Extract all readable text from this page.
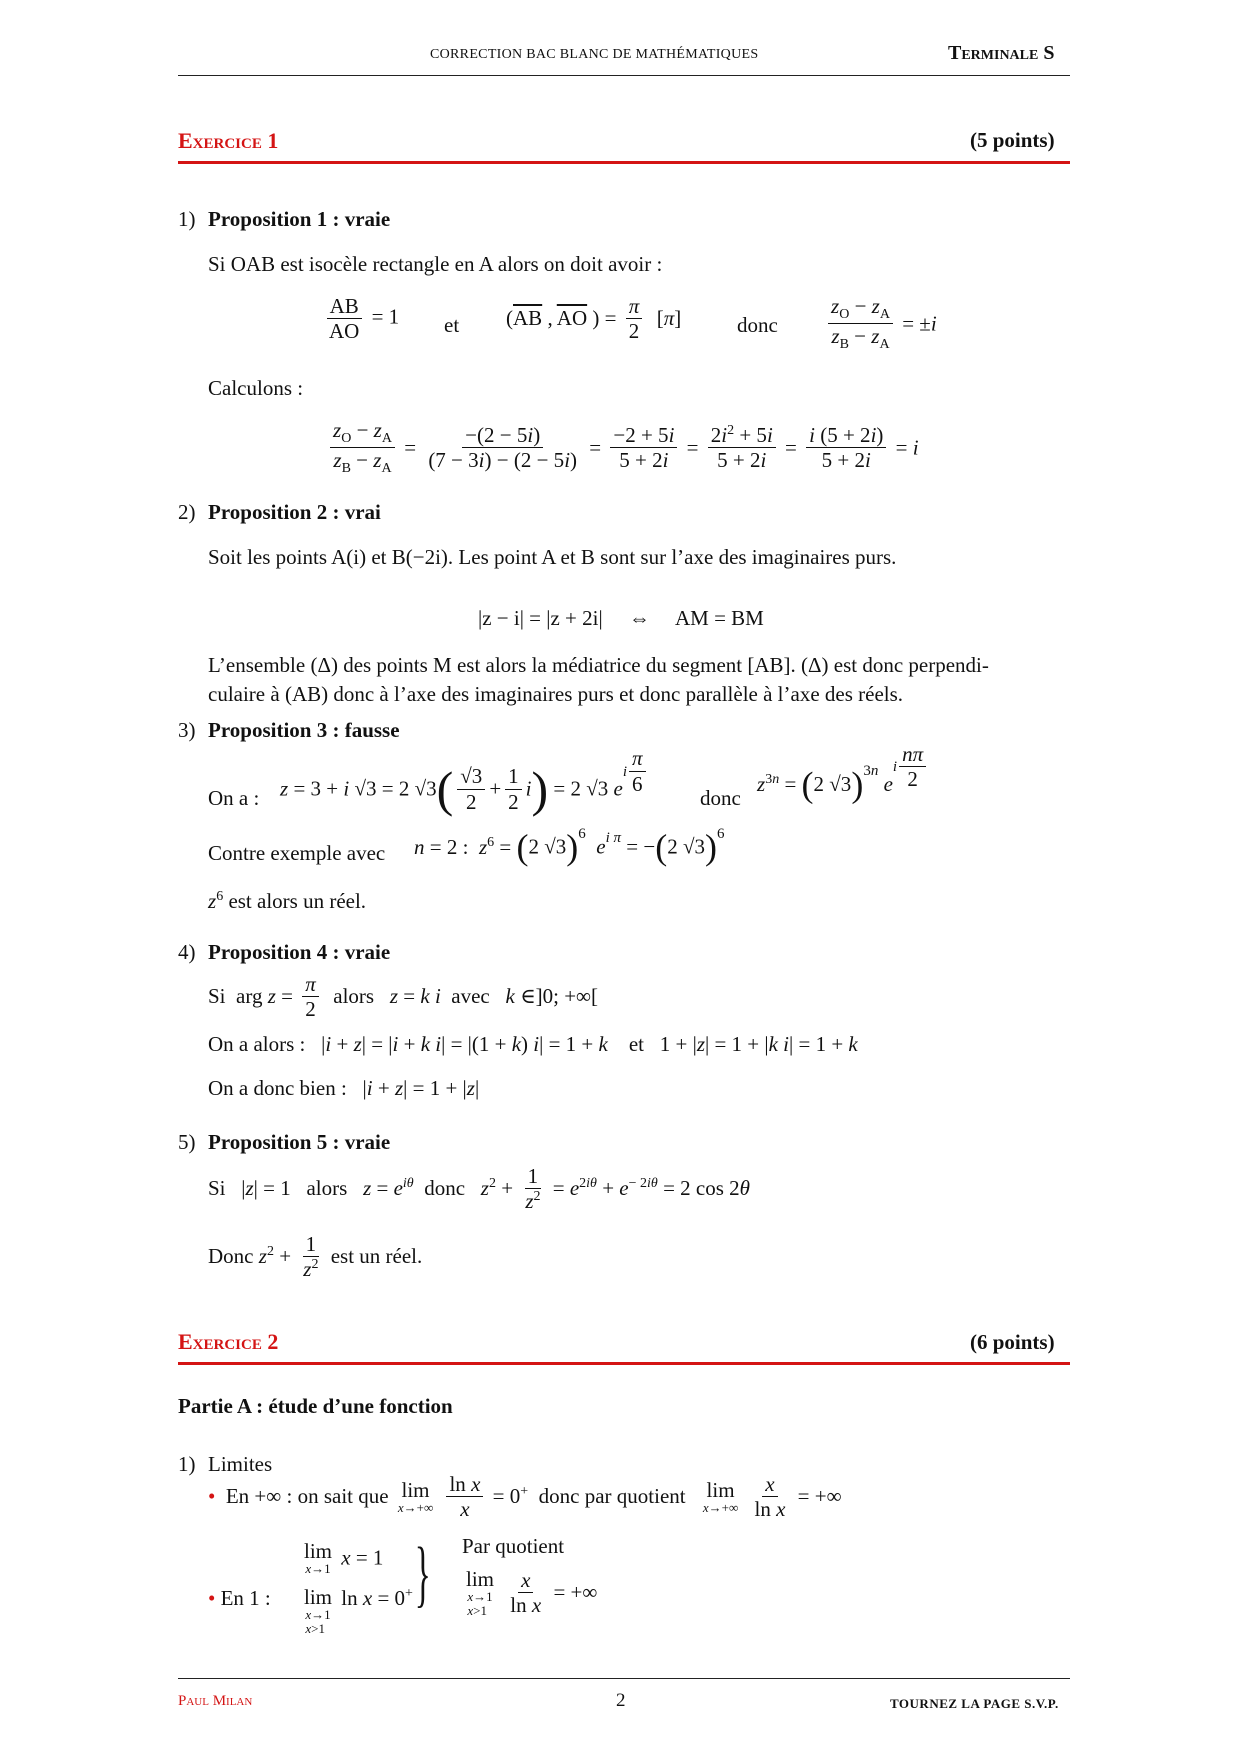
CORRECTION BAC BLANC DE MATHÉMATIQUES	Terminale S
Exercice 1	(5 points)
1) Proposition 1 : vraie
Si OAB est isocèle rectangle en A alors on doit avoir :
$\frac{AB}{AO} = 1$ et ($\overline{AB}$ , $\overline{AO}$ ) = $\frac{\pi}{2} [\pi]$	donc $\frac{z_O - z_A}{z_B - z_A} = \pm i$
Calculons :
$\frac{z_O - z_A}{z_B - z_A} = \frac{-(2 - 5i)}{(7 - 3i) - (2 - 5i)} = \frac{-2 + 5i}{5 + 2i} = \frac{2i^2 + 5i}{5 + 2i} = \frac{i (5 + 2i)}{5 + 2i} = i$
2) Proposition 2 : vrai
Soit les points A(i) et B(−2i). Les point A et B sont sur l’axe des imaginaires purs.
|z − i| = |z + 2i|     ⇔     AM = BM
L’ensemble (Δ) des points M est alors la médiatrice du segment [AB]. (Δ) est donc perpendi-
culaire à (AB) donc à l’axe des imaginaires purs et donc parallèle à l’axe des réels.
3) Proposition 3 : fausse
On a : z = 3 + i √3 = 2 $√3( \frac{√3}{2} + \frac{1}{2} i) = 2$ √3 $e^i \frac{\pi}{6}$
donc
$z^{3n} = (2$ √3)$^{3n}$ $e^i \frac{n\pi}{2}$
Contre exemple avec n = 2 :  $z^6 = (2$ √3)$^6$  $e^{i \pi} = -(2$ √3)$^6$
$z^6$ est alors un réel.
4) Proposition 4 : vraie
Si  arg $z = \frac{\pi}{2}$ alors z = k i avec k ∈]0; +∞[
On a alors :   |i + z| = |i + k i| = |(1 + k) i| = 1 + k et   1 + |z| = 1 + |k i| = 1 + k
On a donc bien :   |i + z| = 1 + |z|
5) Proposition 5 : vraie
Si   |z| = 1   alors $z = e^{i\theta}$ donc $z^2 + \frac{1}{z^2} = e^{2i\theta} + e^{- 2i\theta} = 2$ cos 2θ
Donc $z^2 + \frac{1}{z^2}$ est un réel.
Exercice 2	(6 points)
Partie A : étude d’une fonction
1) Limites
• En +∞ : on sait que lim
x→+∞
$\frac{\text{ln x}}{x} = 0^+$ donc par quotient lim
x→+∞
$\frac{x}{\text{ln x}}$ = +∞
• En 1 :
lim
x→1 x = 1
lim
x→1
x>1
ln x = 0+ } Par quotient
lim
x→1
x>1
$\frac{x}{\text{ln x}}$ = +∞
Paul Milan	2	TOURNEZ LA PAGE S.V.P.
